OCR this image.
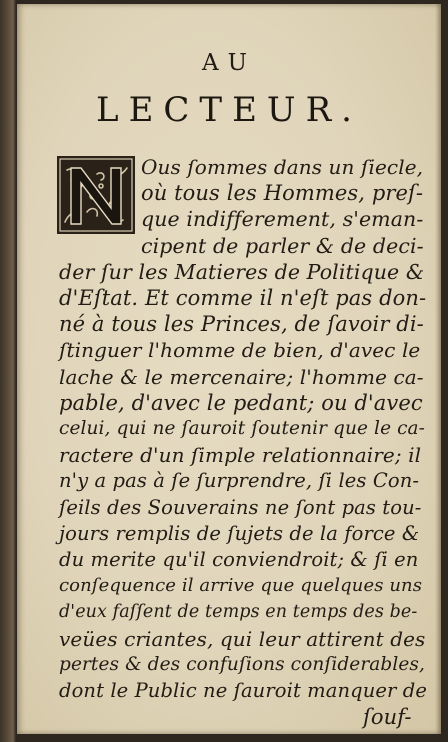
AU
LECTEUR.
Ous ſommes dans un ſiecle,
où tous les Hommes, preſ-
que indifferement, s'eman-
cipent de parler & de deci-
der ſur les Matieres de Politique &
d'Eſtat. Et comme il n'eſt pas don-
né à tous les Princes, de ſavoir di-
ſtinguer l'homme de bien, d'avec le
lache & le mercenaire; l'homme ca-
pable, d'avec le pedant; ou d'avec
celui, qui ne ſauroit ſoutenir que le ca-
ractere d'un ſimple relationnaire; il
n'y a pas à ſe ſurprendre, ſi les Con-
ſeils des Souverains ne ſont pas tou-
jours remplis de ſujets de la force &
du merite qu'il conviendroit; & ſi en
conſequence il arrive que quelques uns
d'eux faſſent de temps en temps des be-
veües criantes, qui leur attirent des
pertes & des confuſions conſiderables,
dont le Public ne ſauroit manquer de
ſouf-
